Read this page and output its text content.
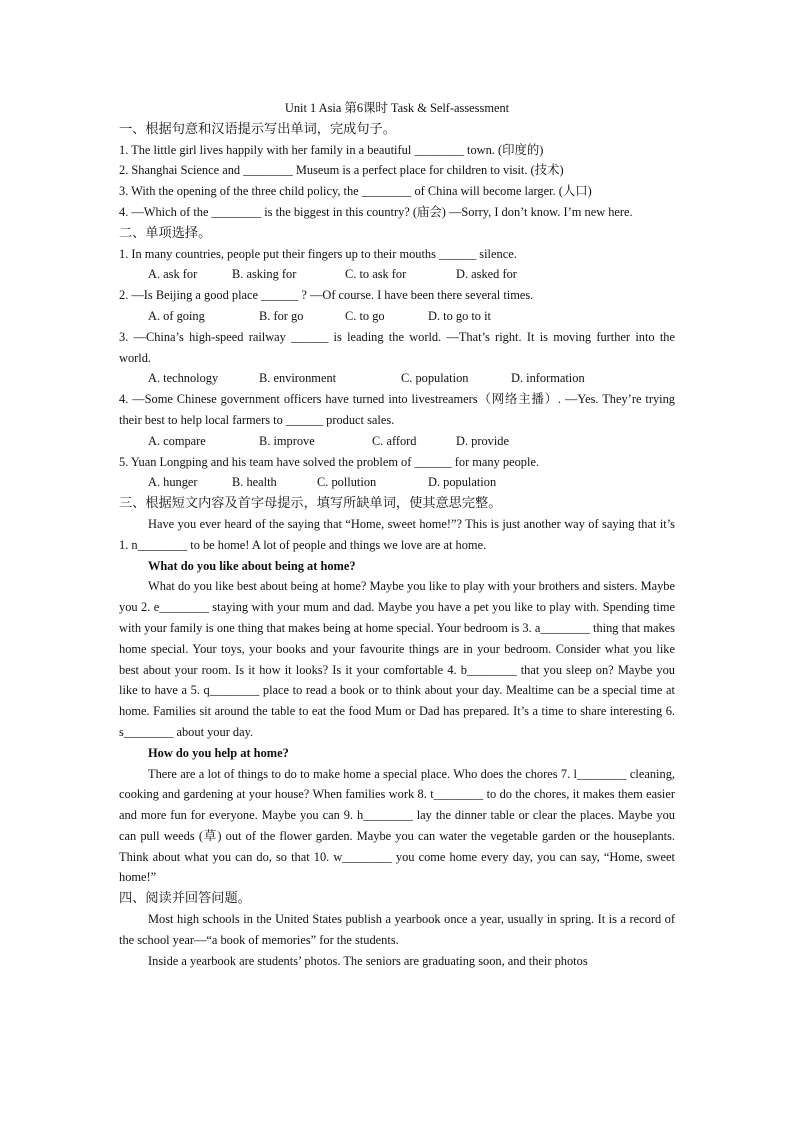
Unit 1 Asia 第6课时 Task & Self-assessment
一、根据句意和汉语提示写出单词，完成句子。
1. The little girl lives happily with her family in a beautiful ________ town. (印度的)
2. Shanghai Science and ________ Museum is a perfect place for children to visit. (技术)
3. With the opening of the three child policy, the ________ of China will become larger. (人口)
4. —Which of the ________ is the biggest in this country? (庙会) —Sorry, I don’t know. I’m new here.
二、单项选择。
1. In many countries, people put their fingers up to their mouths ______ silence.
A. ask for	B. asking for	C. to ask for	D. asked for
2. —Is Beijing a good place ______ ? —Of course. I have been there several times.
A. of going	B. for go	C. to go	D. to go to it
3. —China’s high-speed railway ______ is leading the world. —That’s right. It is moving further into the world.
A. technology	B. environment	C. population	D. information
4. —Some Chinese government officers have turned into livestreamers（网络主播）. —Yes. They’re trying their best to help local farmers to ______ product sales.
A. compare	B. improve	C. afford	D. provide
5. Yuan Longping and his team have solved the problem of ______ for many people.
A. hunger	B. health	C. pollution	D. population
三、根据短文内容及首字母提示，填写所缺单词，使其意思完整。
Have you ever heard of the saying that “Home, sweet home!”? This is just another way of saying that it’s 1. n________ to be home! A lot of people and things we love are at home.
What do you like about being at home?
What do you like best about being at home? Maybe you like to play with your brothers and sisters. Maybe you 2. e________ staying with your mum and dad. Maybe you have a pet you like to play with. Spending time with your family is one thing that makes being at home special. Your bedroom is 3. a________ thing that makes home special. Your toys, your books and your favourite things are in your bedroom. Consider what you like best about your room. Is it how it looks? Is it your comfortable 4. b________ that you sleep on? Maybe you like to have a 5. q________ place to read a book or to think about your day. Mealtime can be a special time at home. Families sit around the table to eat the food Mum or Dad has prepared. It’s a time to share interesting 6. s________ about your day.
How do you help at home?
There are a lot of things to do to make home a special place. Who does the chores 7. l________ cleaning, cooking and gardening at your house? When families work 8. t________ to do the chores, it makes them easier and more fun for everyone. Maybe you can 9. h________ lay the dinner table or clear the places. Maybe you can pull weeds (草) out of the flower garden. Maybe you can water the vegetable garden or the houseplants. Think about what you can do, so that 10. w________ you come home every day, you can say, “Home, sweet home!”
四、阅读并回答问题。
Most high schools in the United States publish a yearbook once a year, usually in spring. It is a record of the school year—“a book of memories” for the students.
Inside a yearbook are students’ photos. The seniors are graduating soon, and their photos
